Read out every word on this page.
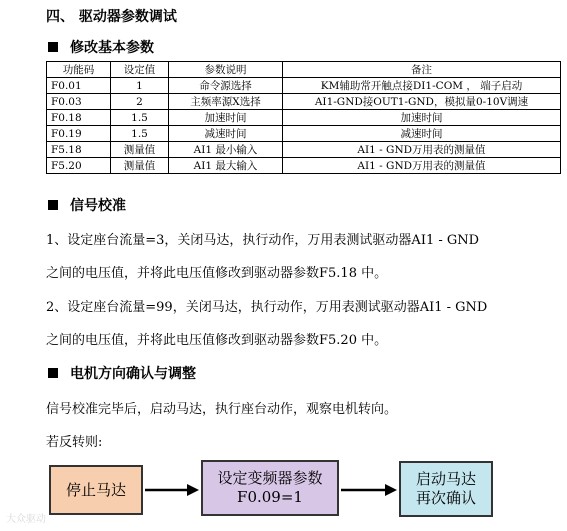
四、 驱动器参数调试
修改基本参数
功能码	设定值	参数说明	备注
F0.01	1	命令源选择	KM辅助常开触点接DI1-COM ， 端子启动
F0.03	2	主频率源X选择	AI1-GND接OUT1-GND，模拟量0-10V调速
F0.18	1.5	加速时间	加速时间
F0.19	1.5	减速时间	减速时间
F5.18	测量值	AI1 最小输入	AI1 - GND万用表的测量值
F5.20	测量值	AI1 最大输入	AI1 - GND万用表的测量值
信号校准
1、设定座台流量=3，关闭马达，执行动作，万用表测试驱动器AI1 - GND
之间的电压值，并将此电压值修改到驱动器参数F5.18 中。
2、设定座台流量=99，关闭马达，执行动作，万用表测试驱动器AI1 - GND
之间的电压值，并将此电压值修改到驱动器参数F5.20 中。
电机方向确认与调整
信号校准完毕后，启动马达，执行座台动作，观察电机转向。
若反转则:
停止马达
设定变频器参数
F0.09=1
启动马达
再次确认
大众驱动
